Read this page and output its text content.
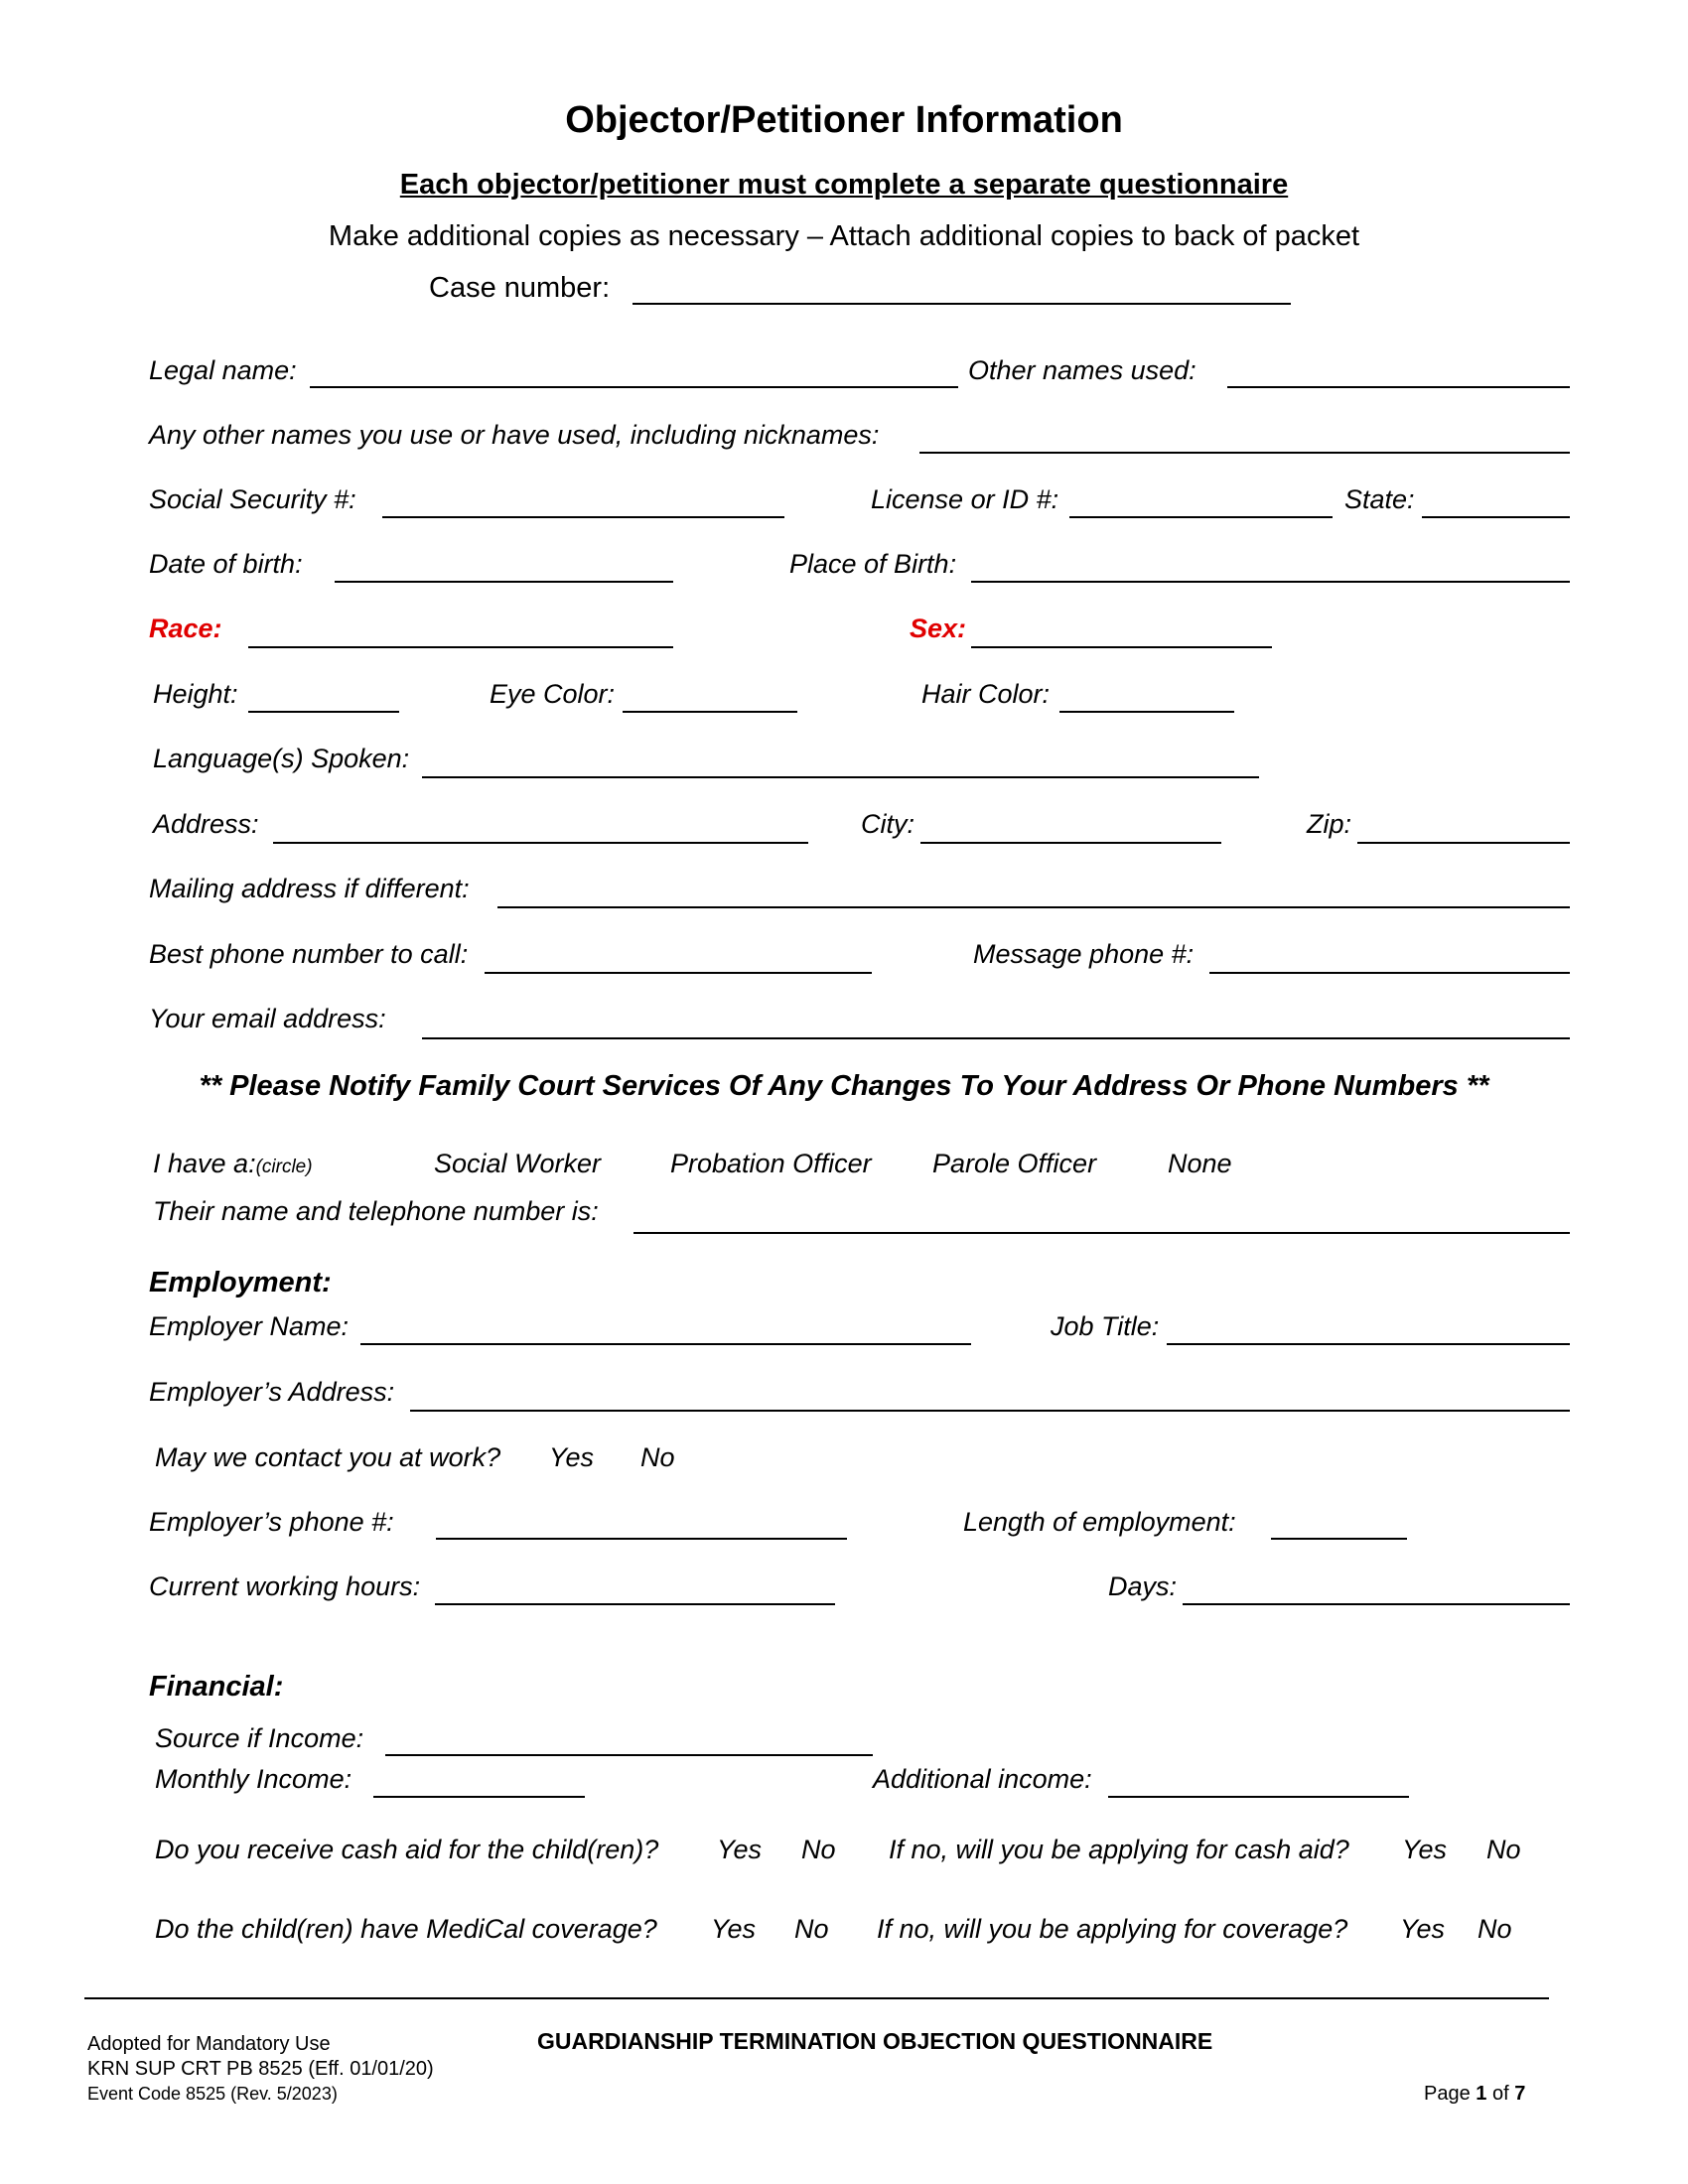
Objector/Petitioner Information
Each objector/petitioner must complete a separate questionnaire
Make additional copies as necessary – Attach additional copies to back of packet
Case number:
Legal name:	Other names used:
Any other names you use or have used, including nicknames:
Social Security #:	License or ID #:	State:
Date of birth:	Place of Birth:
Race:	Sex:
Height:	Eye Color:	Hair Color:
Language(s) Spoken:
Address:	City:	Zip:
Mailing address if different:
Best phone number to call:	Message phone #:
Your email address:
** Please Notify Family Court Services Of Any Changes To Your Address Or Phone Numbers **
I have a:(circle)	Social Worker	Probation Officer Parole Officer	None
Their name and telephone number is:
Employment:
Employer Name:	Job Title:
Employer’s Address:
May we contact you at work? Yes No
Employer’s phone #:	Length of employment:
Current working hours:	Days:
Financial:
Source if Income:
Monthly Income:	Additional income:
Do you receive cash aid for the child(ren)? Yes No If no, will you be applying for cash aid? Yes No
Do the child(ren) have MediCal coverage? Yes No If no, will you be applying for coverage? Yes No
Adopted for Mandatory Use
KRN SUP CRT PB 8525 (Eff. 01/01/20)
Event Code 8525 (Rev. 5/2023)
GUARDIANSHIP TERMINATION OBJECTION QUESTIONNAIRE
Page 1 of 7
